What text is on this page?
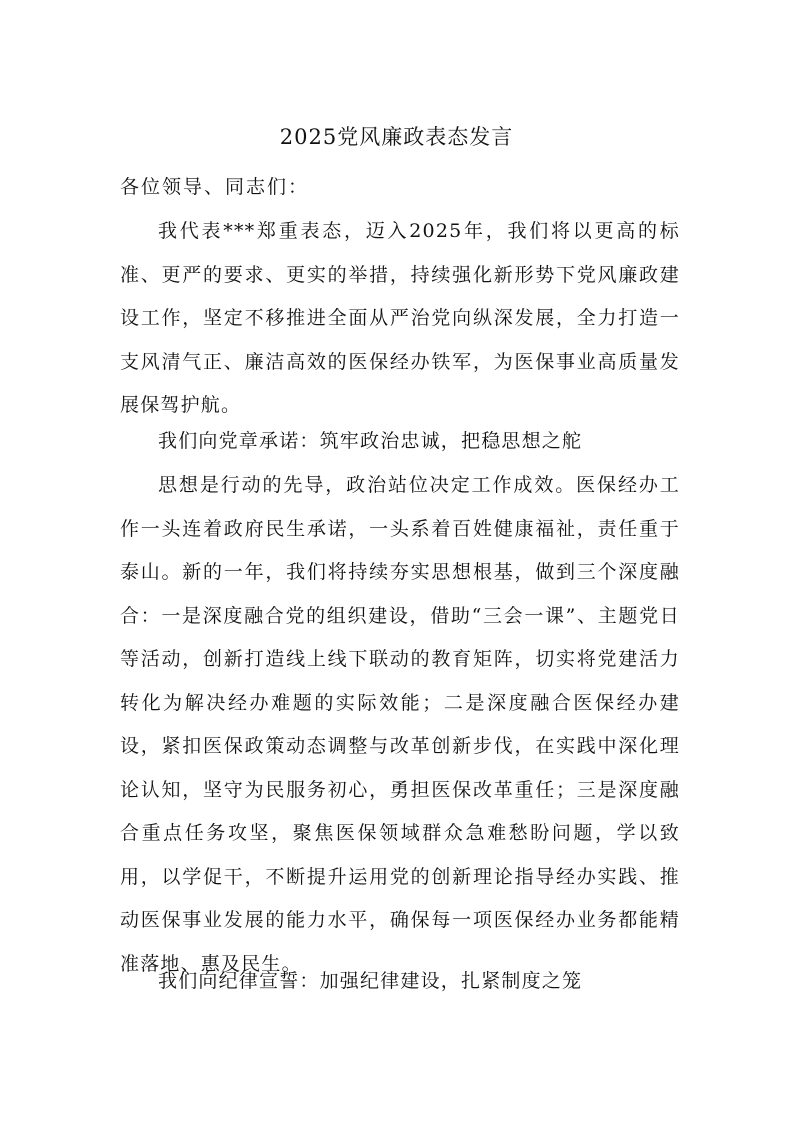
2025党风廉政表态发言
各位领导、同志们：
我代表***郑重表态，迈入2025年，我们将以更高的标准、更严的要求、更实的举措，持续强化新形势下党风廉政建设工作，坚定不移推进全面从严治党向纵深发展，全力打造一支风清气正、廉洁高效的医保经办铁军，为医保事业高质量发展保驾护航。
我们向党章承诺：筑牢政治忠诚，把稳思想之舵
思想是行动的先导，政治站位决定工作成效。医保经办工作一头连着政府民生承诺，一头系着百姓健康福祉，责任重于泰山。新的一年，我们将持续夯实思想根基，做到三个深度融合：一是深度融合党的组织建设，借助“三会一课”、主题党日等活动，创新打造线上线下联动的教育矩阵，切实将党建活力转化为解决经办难题的实际效能；二是深度融合医保经办建设，紧扣医保政策动态调整与改革创新步伐，在实践中深化理论认知，坚守为民服务初心，勇担医保改革重任；三是深度融合重点任务攻坚，聚焦医保领域群众急难愁盼问题，学以致用，以学促干，不断提升运用党的创新理论指导经办实践、推动医保事业发展的能力水平，确保每一项医保经办业务都能精准落地、惠及民生。
我们向纪律宣誓：加强纪律建设，扎紧制度之笼
